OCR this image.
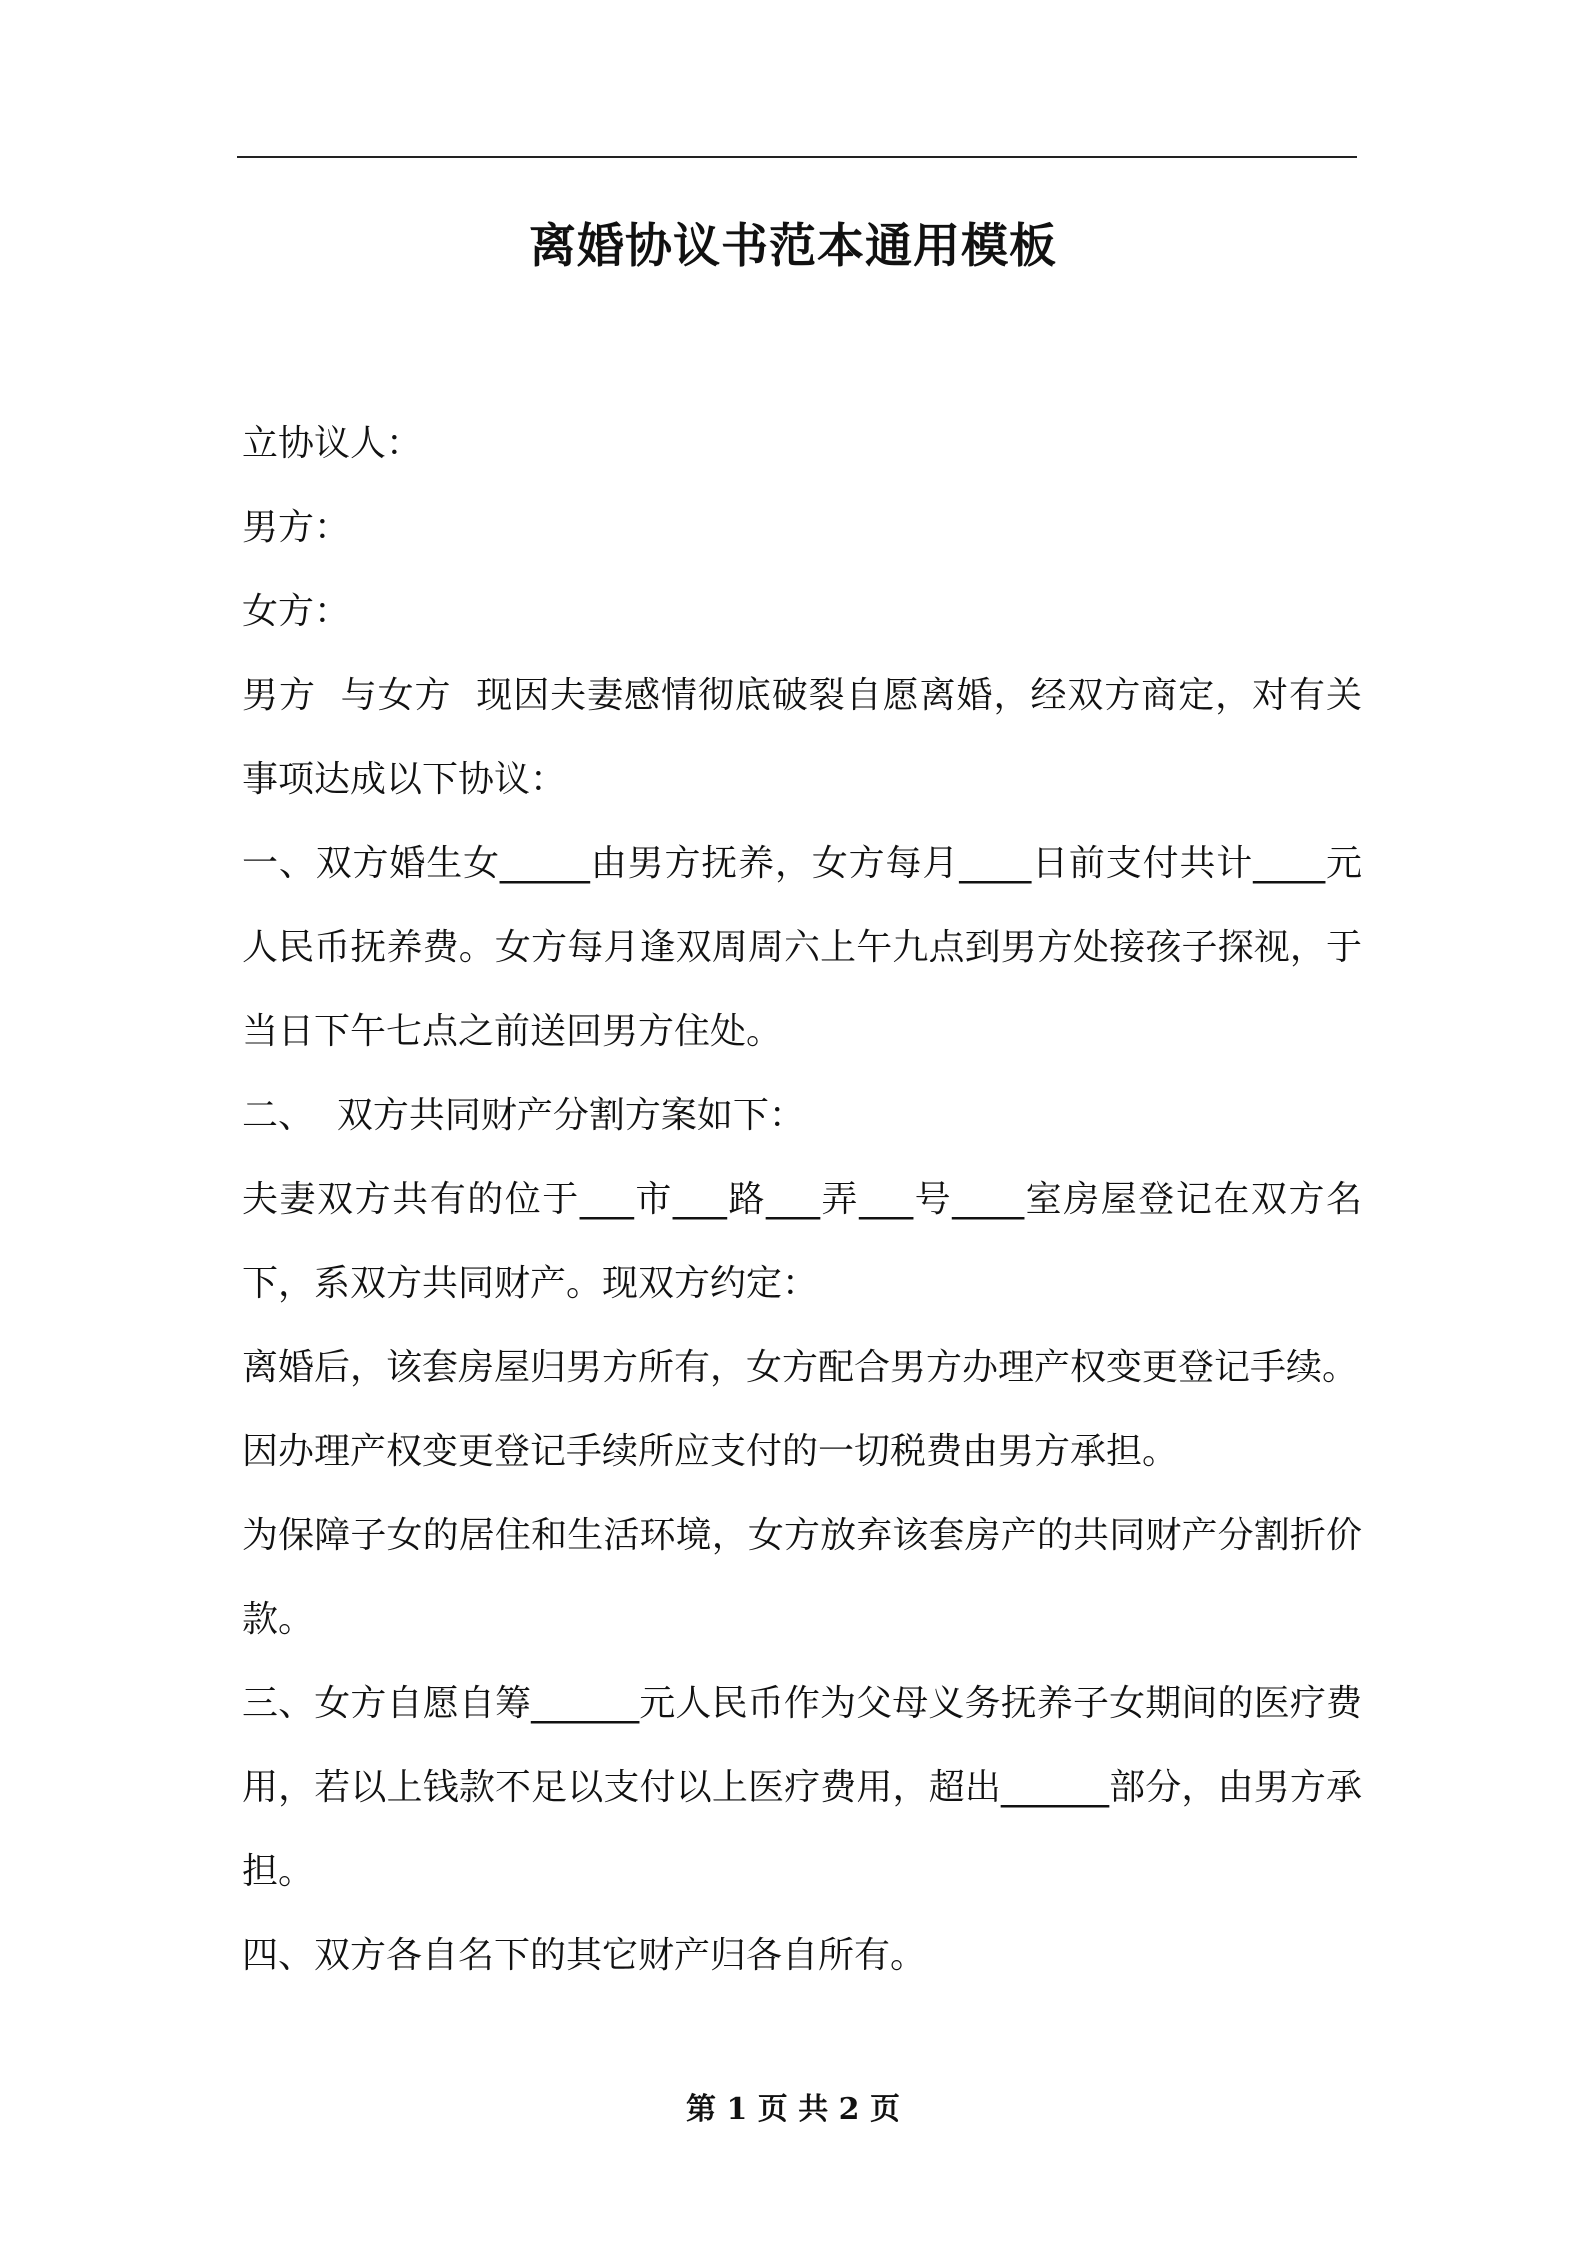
离婚协议书范本通用模板

立协议人：

男方：

女方：

男方  与女方  现因夫妻感情彻底破裂自愿离婚，经双方商定，对有关事项达成以下协议：

一、双方婚生女_____由男方抚养，女方每月____日前支付共计____元人民币抚养费。女方每月逢双周周六上午九点到男方处接孩子探视，于当日下午七点之前送回男方住处。

二、  双方共同财产分割方案如下：

夫妻双方共有的位于___市___路___弄___号____室房屋登记在双方名下，系双方共同财产。现双方约定：

离婚后，该套房屋归男方所有，女方配合男方办理产权变更登记手续。

因办理产权变更登记手续所应支付的一切税费由男方承担。

为保障子女的居住和生活环境，女方放弃该套房产的共同财产分割折价款。

三、女方自愿自筹______元人民币作为父母义务抚养子女期间的医疗费用，若以上钱款不足以支付以上医疗费用，超出______部分，由男方承担。

四、双方各自名下的其它财产归各自所有。

第 1 页 共 2 页
